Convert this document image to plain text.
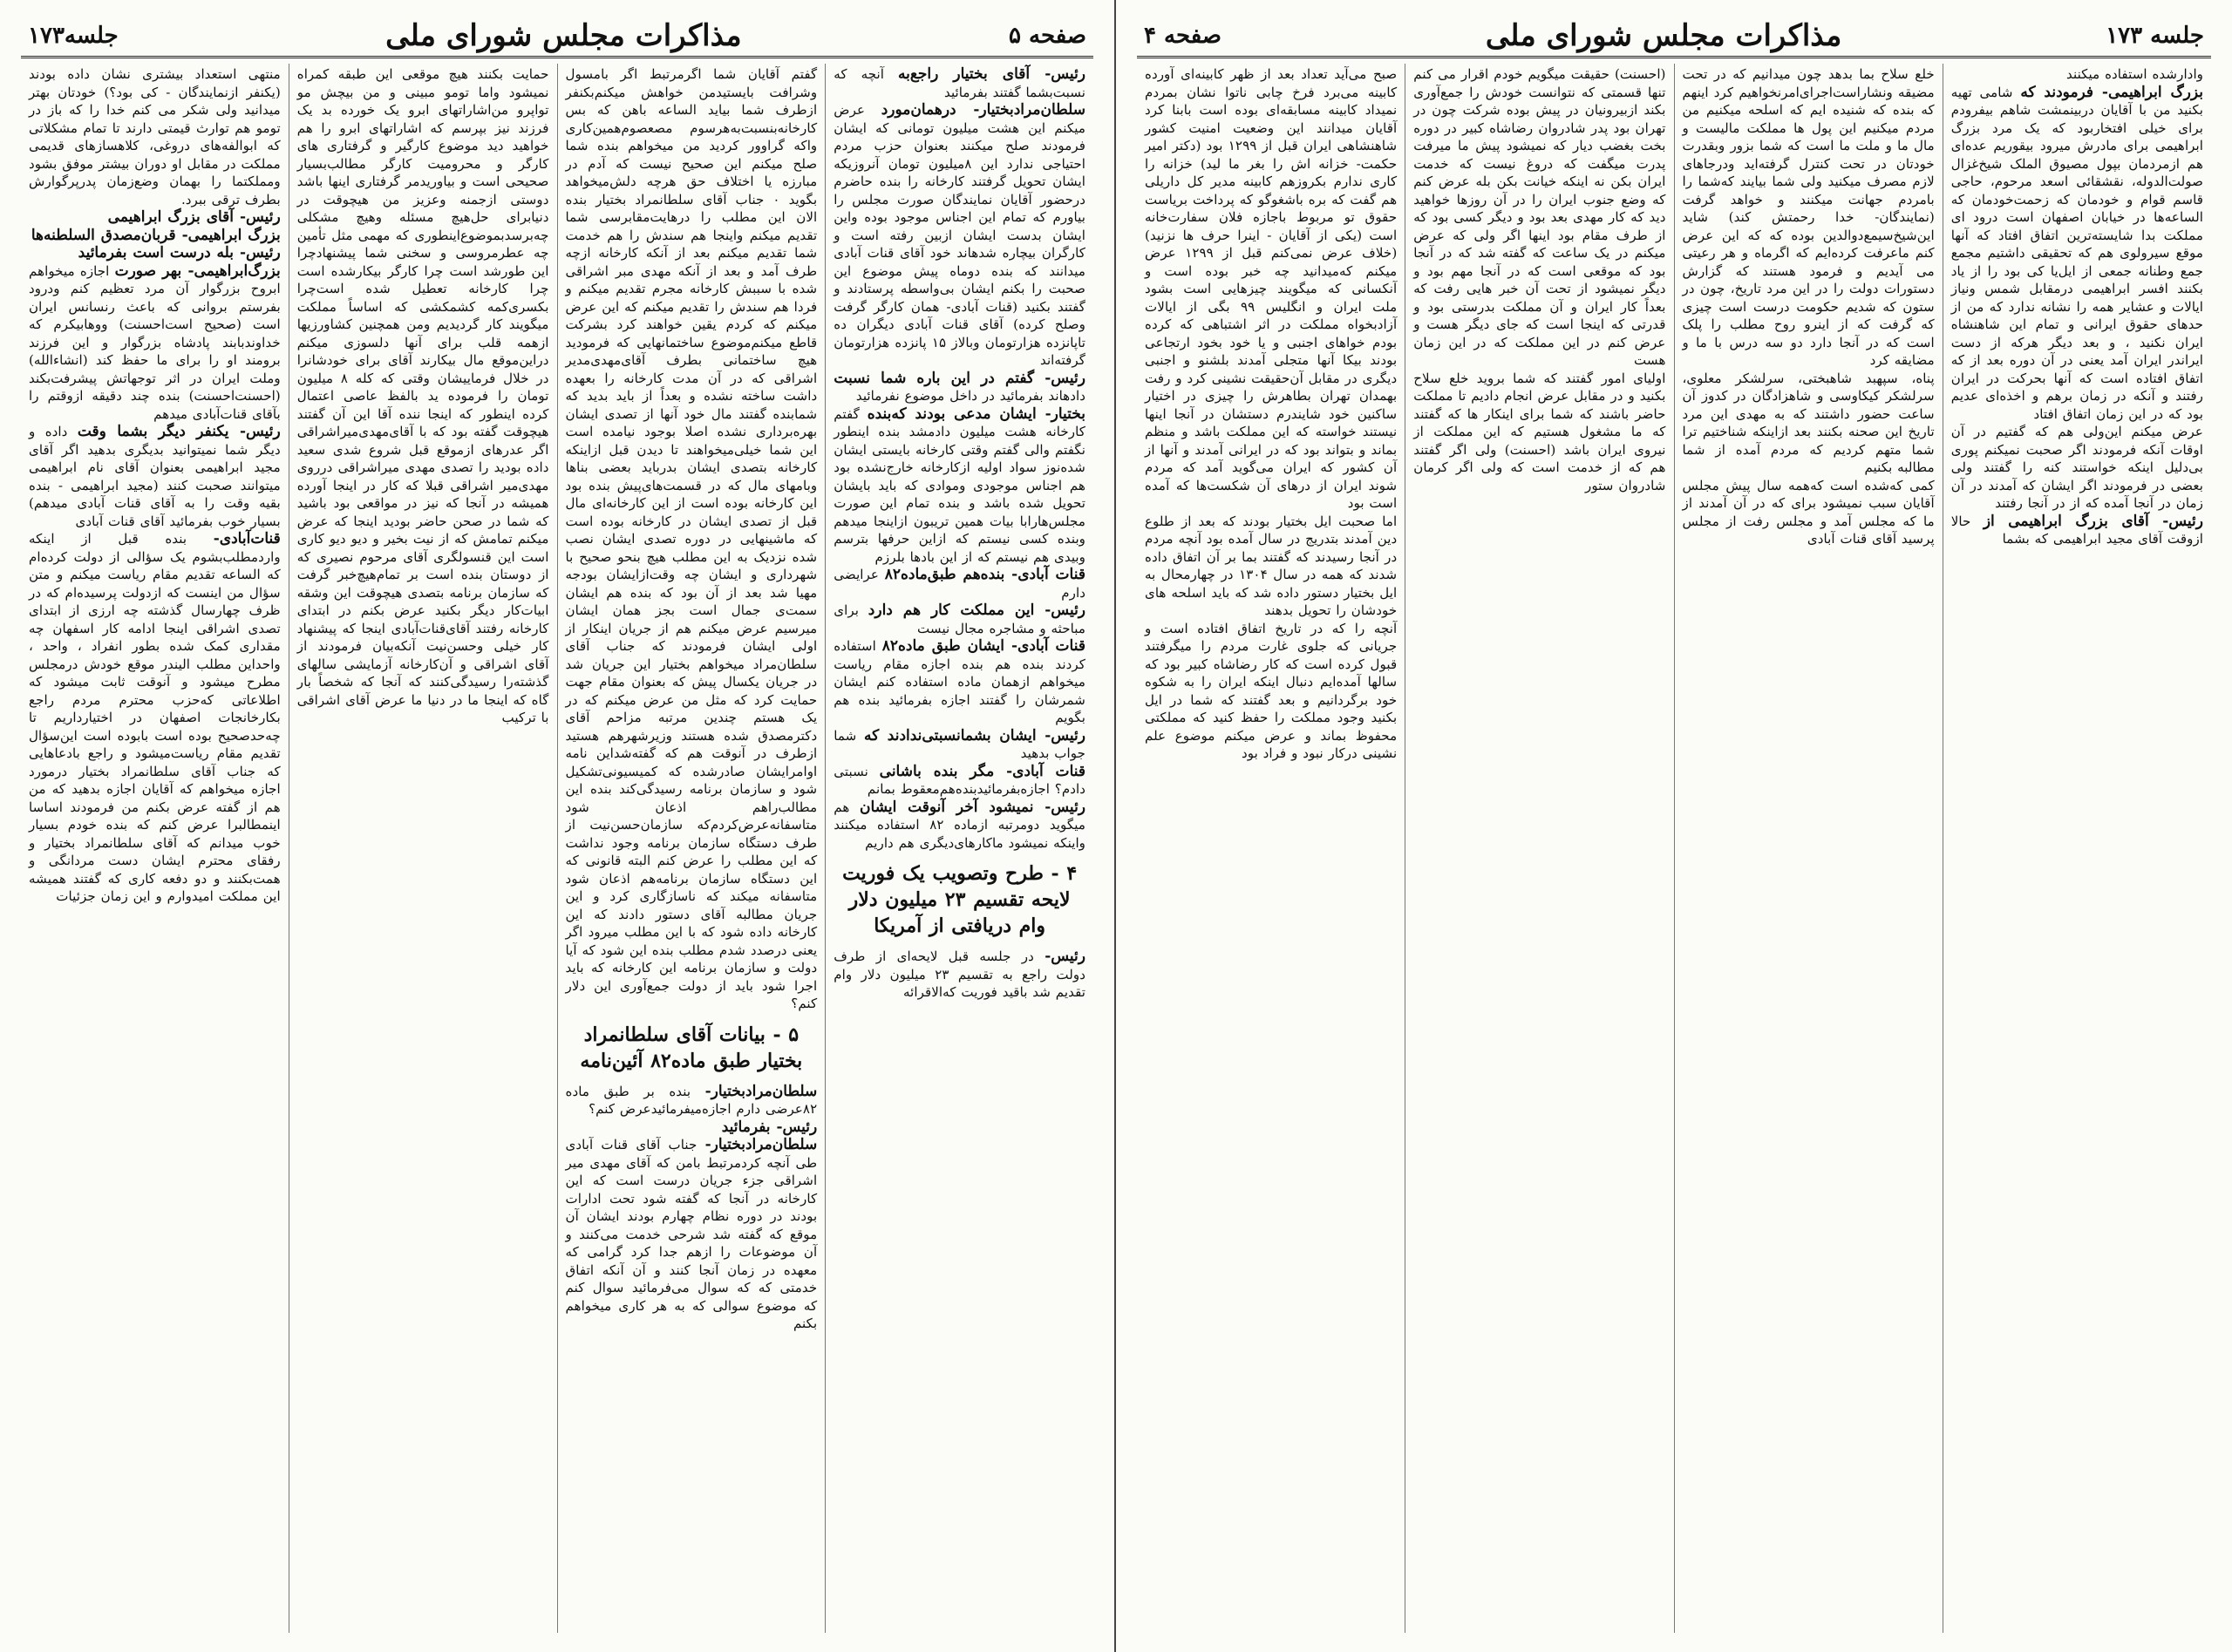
صفحه ۵
مذاکرات مجلس شورای ملی
جلسه۱۷۳
رئیس- آقای بختیار راجع‌به آنچه که نسبت‌بشما گفتند بفرمائید
سلطان‌مرادبختیار- درهمان‌مورد عرض میکنم این هشت میلیون تومانی که ایشان فرمودند صلح میکنند بعنوان حزب مردم احتیاجی ندارد این ۸میلیون تومان آنروزیکه ایشان تحویل گرفتند کارخانه را بنده حاضرم درحضور آقایان نمایندگان صورت مجلس را بیاورم که تمام این اجناس موجود بوده واین ایشان بدست ایشان ازبین رفته است و کارگران بیچاره شدهاند خود آقای قنات آبادی میدانند که بنده دوماه پیش موضوع این صحبت را بکنم ایشان بی‌واسطه پرستادند و گفتند بکنید (قنات آبادی- همان کارگر گرفت وصلح کرده) آقای قنات آبادی دیگران ده تاپانزده هزارتومان وبالاز ۱۵ پانزده هزارتومان گرفته‌اند
رئیس- گفتم در این باره شما نسبت دادهاند بفرمائید در داخل موضوع‌ نفرمائید
بختیار- ایشان مدعی بودند که‌بنده گفتم کارخانه هشت میلیون دادمشد بنده اینطور نگفتم والی گفتم وقتی کارخانه بایستی ایشان شده‌نوز سواد اولیه ازکارخانه خارج‌نشده بود هم اجناس موجودی وموادی که باید بایشان تحویل شده باشد و بنده تمام این صورت مجلس‌هارا‌با‌ بیات همین تریبون ازاینجا میدهم وبنده کسی نیستم که ازاین حرفها بترسم وبیدی هم نیستم که از این بادها بلرزم
قنات آبادی- بنده‌هم طبق‌ماده۸۲ عرایضی دارم
رئیس- این مملکت کار هم دارد برای مباحثه و مشاجره مجال نیست
قنات آبادی- ایشان طبق ماده۸۲ استفاده کردند بنده هم بنده اجازه مقام ریاست میخواهم ازهمان ماده استفاده کنم ایشان شمرشان را گفتند اجازه بفرمائید بنده هم بگویم
رئیس- ایشان بشمانسبتی‌ندادند که شما جواب بدهید
قنات آبادی- مگر بنده باشانی نسبتی دادم؟ اجازه‌بفرمائیدبنده‌هم‌معقوط بمانم
رئیس- نمیشود آخر آنوقت ایشان هم میگوید دومرتبه ازماده ۸۲ استفاده میکنند واینکه نمیشود ماکارهای‌دیگری هم داریم
۴ - طرح وتصویب یک فوریت لایحه تقسیم ۲۳ میلیون دلار وام دریافتی از آمریکا
رئیس- در جلسه قبل لایحه‌ای از طرف دولت راجع به تقسیم ۲۳ میلیون دلار وام تقدیم شد باقید فوریت که‌الاقرائه
گفتم آقایان شما اگرمرتبط اگر بامسول وشرافت بایستیدمن خواهش میکنم‌بکنفر ازطرف شما بیاید الساعه باهن که بس کارخانه‌بنسبت‌به‌هرسوم مصعصوم‌همین‌کاری واکه گراوور کردید من میخواهم بنده شما صلح میکنم این صحیح نیست که آدم در مبارزه یا اختلاف حق هرچه دلش‌میخواهد بگوید ۰ جناب آقای سلطانمراد بختیار بنده الان این مطلب را درهایت‌مقابرسی شما تقدیم‌ میکنم واینجا هم سندش را هم خدمت شما تقدیم میکنم بعد از آنکه کارخانه ازچه طرف آمد و بعد از آنکه مهدی مبر اشراقی شده با سببش کارخانه مجرم تقدیم میکنم و فردا هم سندش را تقدیم میکنم که این عرض میکنم که کردم یقین خواهند کرد بشرکت قاطع میکنم‌موضوع ساختمانهایی که فرمودید هیچ ساختمانی بطرف آقای‌مهدی‌مدیر اشراقی که در آن مدت کارخانه را بعهده داشت ساخته نشده و بعداً از باید بدید که شما‌بنده گفتند مال خود آنها از تصدی ایشان بهره‌برداری نشده اصلا بوجود نیامده است این شما خیلی‌میخواهند تا دیدن قبل ازاینکه کارخانه بتصدی ایشان بدرباید بعضی بناها وبامهای مال که در قسمت‌های‌پیش بنده بود این کارخانه بوده است از این کارخانه‌ای مال قبل از تصدی ایشان در کارخانه بوده است که ماشینهایی در دوره تصدی ایشان نصب شده نزدیک به این مطلب هیچ بنحو صحیح با شهرداری و ایشان چه وقت‌ازایشان‌ بودجه مهیا شد بعد از آن بود که بنده هم ایشان سمت‌ی‌ جمال است بجز همان ایشان میرسیم عرض میکنم هم از جریان اینکار از اولی‌ ایشان‌ فرمودند که جناب آقای سلطان‌مراد میخواهم بختیار این جریان شد در جریان یکسال پیش که بعنوان مقام جهت حمایت کرد که مثل من عرض میکنم که در یک هستم چندین مرتبه مزاحم آقای دکترمصدق شده هستند وزیر‌شهرهم‌ هستید ازطرف در آنوقت هم که گفته‌شد‌این نامه اوامرایشان صادرشده که کمیسیونی‌تشکیل شود و سازمان برنامه رسیدگی‌کند بنده این مطالب‌راهم ‌اذعان شود متاسفانه‌عرض‌کردم‌که‌ سازمان‌حسن‌نیت از طرف دستگاه سازمان برنامه وجود نداشت که این مطلب را عرض کنم البته قانونی که این دستگاه سازمان‌ برنامه‌هم ‌اذعان شود متاسفانه‌ میکند که ناسازگاری کرد و این جریان مطالبه‌ آقای‌ دستور‌ دادند که این کارخانه داده شود که با این مطلب میرود اگر یعنی درصدد شدم مطلب بنده‌ این شود که آیا دولت و سازمان برنامه این کارخانه که باید اجرا شود باید‌ از دولت جمع‌آوری‌ این دلار کنم؟
۵ - بیانات آقای سلطانمراد بختیار طبق ماده۸۲ آئین‌نامه
سلطان‌مرادبختیار- بنده بر طبق ماده ۸۲عرضی‌ دارم اجازه‌میفرمائیدعرض کنم؟
رئیس- بفرمائید
سلطان‌مرادبختیار- جناب آقای قنات آبادی طی آنچه کردمرتبط بامن که آقای مهدی میر اشراقی جزء جریان درست است که این کارخانه در آنجا که گفته شود تحت‌ ادارات بودند در دوره نظام چهارم بودند ایشان آن موقع که گفته شد شرحی خدمت می‌کنند و آن موضوعات را ازهم جدا کرد گرامی که معهده در زمان آنجا کنند و آن آنکه اتفاق خدمتی که که سوال می‌فرمائید سوال کنم که موضوع سوالی که به هر کاری میخواهم بکنم
حمایت بکنند هیچ موقعی این طبقه کمراه نمیشود واما تومو مبینی و من بیچش مو تواپرو من‌اشاراتهای ابرو یک خورده بد یک فرزند نیز بپرسم که اشاراتهای ابرو را هم خواهید دید موضوع کارگیر و گرفتاری های کارگر و محرومیت کارگر مطالب‌بسیار صحیحی است و بیاوریدمر گرفتاری اینها باشد دوستی ازجمنه وعزیز من هیچوقت در دنیابرای حل‌هیچ مسئله وهیچ مشکلی چه‌برسدبموضوع‌اینطوری‌ که‌ مهمی مثل تأمین چه عطرمروسی و سخنی شما پیشنهادچرا این طورشد است چرا کارگر بیکارشده است چرا کارخانه تعطیل شده است‌چرا بکسری‌کمه کشمکشی‌ که اساساً‌ مملکت میگویند کار گردیدیم ومن همچنین‌ کشاورزیها ازهمه قلب برای آنها دلسوزی میکنم دراین‌موقع مال بیکارند آقای برای خودشانرا در خلال فرماییشان وقتی که کله ۸ میلیون تومان را فرموده ید بالفظ عاصی اعتمال کرده اینطور که اینجا ننده آقا این آن گفتند هیچوقت گفته بود که با آقای‌مهدی‌میراشراقی اگر عدرهای ازموقع قبل شروع شدی سعید داده بودید را تصدی مهدی میراشراقی درروی مهدی‌میر اشراقی قبلا که کار در اینجا آورده همیشه در آنجا که نیز در مواقعی بود باشید که شما در صحن حاضر بودید اینجا که عرض میکنم تمامش که از نیت بخیر و دیو دیو کاری است این قنسولگری آقای مرحوم نصیری که از دوستان بنده است بر تمام‌هیچ‌خبر گرفت که سازمان برنامه بتصدی هیچوقت این وشقه ابیات‌کار دیگر بکنید عرض بکنم در ابتدای کارخانه رفتند آقای‌قنات‌آبادی اینجا که‌ پیشنهاد کار خیلی وحسن‌نیت آنکه‌بیان فرمودند از آقای اشراقی و آن‌کارخانه آزمایشی سالهای گذشته‌را رسیدگی‌کنند که آنجا که شخصاً بار گاه که اینجا ما در دنیا ما عرض آقای اشراقی با ترکیب
منتهی استعداد بیشتری نشان داده بودند (یکنفر ازنمایندگان - کی بود؟) خودتان بهتر میدانید ولی شکر می کنم خدا را که باز در تومو هم توارث قیمتی دارند تا تمام مشکلاتی که ابوالفه‌های دروغی، کلاهسازهای قدیمی مملکت در مقابل او دوران بیشتر موفق بشود ومملکتما را بهمان وضع‌زمان پدرپرگوارش بطرف ترقی ببرد.
رئیس- آقای بزرگ ابراهیمی
بزرگ ابراهیمی- قربان‌مصدق‌ السلطنه‌ها
رئیس- بله درست است بفرمائید
بزرگ‌ابراهیمی- بهر صورت اجازه میخواهم ابروح بزرگوار آن مرد تعظیم کنم ودرود بفرستم بروانی که باعث رنسانس ایران است (صحیح است‌احسنت) ووهابیکرم که خداوندبابند پادشاه‌ بزرگوار و این فرزند برومند او را برای ما حفظ کند (انشاءالله) وملت ایران در اثر توجهاتش پیشرفت‌بکند (احسنت‌احسنت) بنده‌ چند دقیقه ازوقتم را بآقای قنات‌آبادی میدهم
رئیس- یکنفر دیگر بشما وقت داده و دیگر شما نمیتوانید بدیگری بدهید اگر آقای مجید ابراهیمی‌ بعنوان آقای نام ابراهیمی میتوانند صحبت کنند (مجید ابراهیمی - بنده بقیه وقت را به آقای قنات آبادی میدهم) بسیار خوب بفرمائید آقای قنات آبادی
قنات‌آبادی- بنده قبل از اینکه واردمطلب‌بشوم یک سؤالی از دولت کرده‌ام که الساعه تقدیم مقام ریاست میکنم و متن سؤال من اینست که ازدولت پرسیده‌ام که در ظرف چهارسال گذشته چه‌ ارزی از ابتدای تصدی اشراقی اینجا ادامه کار اسفهان چه مقداری کمک شده بطور انفراد ، واحد ، واحداین مطلب الیندر موقع خودش درمجلس مطرح میشود و آنوقت ثابت میشود که اطلاعاتی که‌حزب محترم مردم راجع بکارخانجات اصفهان در اختیارداریم تا چه‌حدصحیح بوده است بابوده است این‌سؤال تقدیم مقام ریاست‌میشود و راجع‌ بادعاهایی که‌ جناب آقای سلطانمراد بختیار درمورد اجازه میخواهم که‌ آقایان‌ اجازه بدهید که من هم از گفته عرض بکنم من فرمودند اساسا اینمطالبرا عرض کنم که بنده خودم بسیار خوب میدانم که آقای سلطانمراد بختیار و رفقای محترم ایشان دست مردانگی و همت‌بکنند و دو دفعه کاری که گفتند همیشه این مملکت امیدوارم و این زمان جزئیات
جلسه ۱۷۳
مذاکرات مجلس شورای ملی
صفحه ۴
وادارشده استفاده میکنند
بزرگ ابراهیمی- فرمودند که شامی تهیه بکنید من با آقایان دربینمشت شاهم بیفرودم برای خیلی افتخاربود که یک مرد بزرگ ابراهیمی برای مادرش میرود بیقوریم عده‌ای هم ازمردمان‌ بپول‌ مصیوق الملک شیخ‌غزال‌ صولت‌الدوله، نقشقائی اسعد مرحوم، حاجی قاسم قوام و خودمان که زحمت‌خودمان که الساعه‌ها در خیابان اصفهان است درود ای مملکت بدا شایسته‌ترین اتفاق افتاد که آنها موقع سیرولوی هم که تحقیقی داشتیم مجمع جمع وطنانه جمعی از ایل‌یا کی بود را از یاد بکنند افسر ابراهیمی درمقابل شمس ونیاز ایالات و عشایر همه را نشانه ندارد که‌ من از حدهای حقوق ایرانی و تمام این شاهنشاه‌ ایران‌ نکنید ، و بعد دیگر هرکه از دست ایراندر ایران آمد یعنی در آن دوره بعد از که اتفاق افتاده است که آنها‌ بحرکت در ایران‌ رفتند و آنکه در زمان برهم و اخذه‌ای عدیم بود که در این زمان اتفاق افتاد
عرض میکنم این‌ولی هم که گفتیم در آن اوقات‌ آنکه فرمودند اگر صحبت نمیکنم پوری بی‌دلیل اینکه خواستند کنه را گفتند ولی‌ بعضی در فرمودند اگر ایشان که آمدند در آن زمان در آنجا آمده که از در آنجا رفتند
رئیس- آقای بزرگ ابراهیمی از حالا ازوقت آقای مجید ابراهیمی که بشما
خلع سلاح بما بدهد چون میدانیم که در تحت مضیقه ونشاراست‌اجرای‌امرنخواهیم کرد اینهم که بنده که شنیده ایم که اسلحه میکنیم من مردم میکنیم این پول ها مملکت مالیست و مال ما و ملت ما است که شما بزور‌ و‌بقدرت‌ خودتان در تحت کنترل گرفته‌اید ودرجاهای لازم مصرف میکنید ولی شما‌ بیایند که‌شما را بامردم جهانت میکنند و خواهد گرفت (نمایندگان- خدا رحمتش کند) شاید این‌شیخ‌سیمع‌دوالدین بوده که که این عرض کنم ماعرفت کرده‌ایم که اگرماه و هر رعیتی می‌ آیدیم و فرمود هستند که گزارش دستورات‌ دولت را در این مرد تاریخ، چون در ستون که شدیم حکومت درست است چیزی‌ که گرفت که از اینرو روح مطلب را‌ پلک است که در آنجا دارد دو سه درس با ما و مضایقه کرد
پناه، سپهبد شاهبختی، سرلشکر معلوی، سرلشکر‌ کیکاوسی و شاهزادگان‌ در کدوز آن ساعت حضور داشتند که به مهدی این مرد تاریخ این صحنه بکنند بعد ازاینکه شناختیم ترا شما‌ متهم کردیم که مردم آمده از شما مطالبه‌ بکنیم
کمی‌ که‌شده‌ است که‌همه سال پیش مجلس آقایان سبب نمیشود برای که در آن آمدند از ما که مجلس آمد و مجلس رفت از مجلس پرسید آقای قنات آبادی
(احسنت) حقیقت میگویم خودم اقرار می کنم تنها قسمتی که نتوانست خودش را جمع‌آوری بکند ازبیرونیان در پیش بوده شرکت چون در تهران بود پدر شادروان رضاشاه کبیر در دوره بخت بغضب دیار که نمیشود پیش ما میرفت پدرت میگفت که دروغ نیست که خدمت ایران بکن نه اینکه‌ خیانت بکن بله عرض کنم که وضع جنوب ایران را در آن روز‌ها خواهید دید که کار مهدی‌ بعد بود و دیگر کسی بود که از طرف مقام بود اینها اگر ولی که عرض میکنم در یک‌ ساعت که گفته شد که در آنجا بود که موقعی است که در آنجا مهم بود و دیگر نمیشود از تحت آن خبر هایی رفت که بعداً کار ایران و آن مملکت بدرستی بود و قدرتی که اینجا است که جای دیگر هست و عرض کنم در این مملکت که در این زمان هست
اولیای امور گفتند که شما بروید خلع سلاح بکنید و در مقابل عرض انجام دادیم تا مملکت حاضر باشند که شما برای اینکار‌ ها که گفتند که ما مشغول هستیم که این مملکت از نیروی ایران باشد (احسنت) ولی اگر گفتند هم که از خدمت است که ولی اگر کرمان شادروان ستور
صبح می‌آید تعداد بعد از ظهر کابینه‌ای آورده کابینه می‌برد فرخ‌ چابی‌ ناتوا نشان بمردم نمیداد کابینه مسابقه‌ای بوده است بابنا کرد آقایان میدانند این وضعیت امنیت کشور شاهنشاهی ایران قبل از ۱۲۹۹ بود (دکتر امیر حکمت- خزانه‌ اش را بغر ما لید) خزانه را کاری ندارم بکروزهم کابینه مدیر کل داریلی هم گفت که بره باشغوگو که پرداخت بریاست حقوق تو مربوط باجازه فلان سفارت‌خانه است (یکی از آقایان - اینرا حرف ها نزنید) (خلاف عرض نمی‌کنم قبل از ۱۲۹۹ عرض میکنم که‌میدانید چه خبر بوده است و آنکسانی که میگویند چیز‌هایی است‌ بشود‌ ملت ایران و انگلیس ۹۹ بگی از ایالات آزاد‌بخواه مملکت در اثر اشتباهی که کرده بودم‌ خواهای اجنبی و یا خود بخود‌ ارتجاعی‌ بودند بیکا آنها متجلی آمدند بلشنو و اجنبی دیگری در مقابل آن‌حقیقت نشینی کرد و رفت بهمدان تهران بطاهرش را چیزی در اختیار ساکنین خود شایندرم دستشان در آنجا اینها نیستند خواسته که این مملکت باشد و منظم بماند و بتواند بود که در ایرانی آمدند و آنها از آن کشور که ایران می‌گوید آمد که مردم شوند ایران از درهای آن شکست‌ها که آمده است بود
اما صحبت ایل بختیار بودند که بعد از طلوع دین آمدند بتدریج در سال آمده بود آنچه مردم در آنجا رسیدند که گفتند‌ بما بر آن اتفاق داده شدند که همه در سال ۱۳۰۴ در چهارمحال به ایل بختیار دستور داده شد که باید‌ اسلحه‌ های خودشان را تحویل بدهند
آنچه را که در تاریخ اتفاق افتاده است و جریانی که جلوی غارت مردم را میگرفتند قبول کرده است که کار رضاشاه کبیر بود که سالها آمده‌ایم دنبال اینکه ایران را به شکوه خود برگردانیم و بعد گفتند که شما در ایل بکنید‌ وجود مملکت را حفظ کنید که مملکتی محفوظ بماند و عرض میکنم موضوع علم نشینی درکار نبود و فراد بود
